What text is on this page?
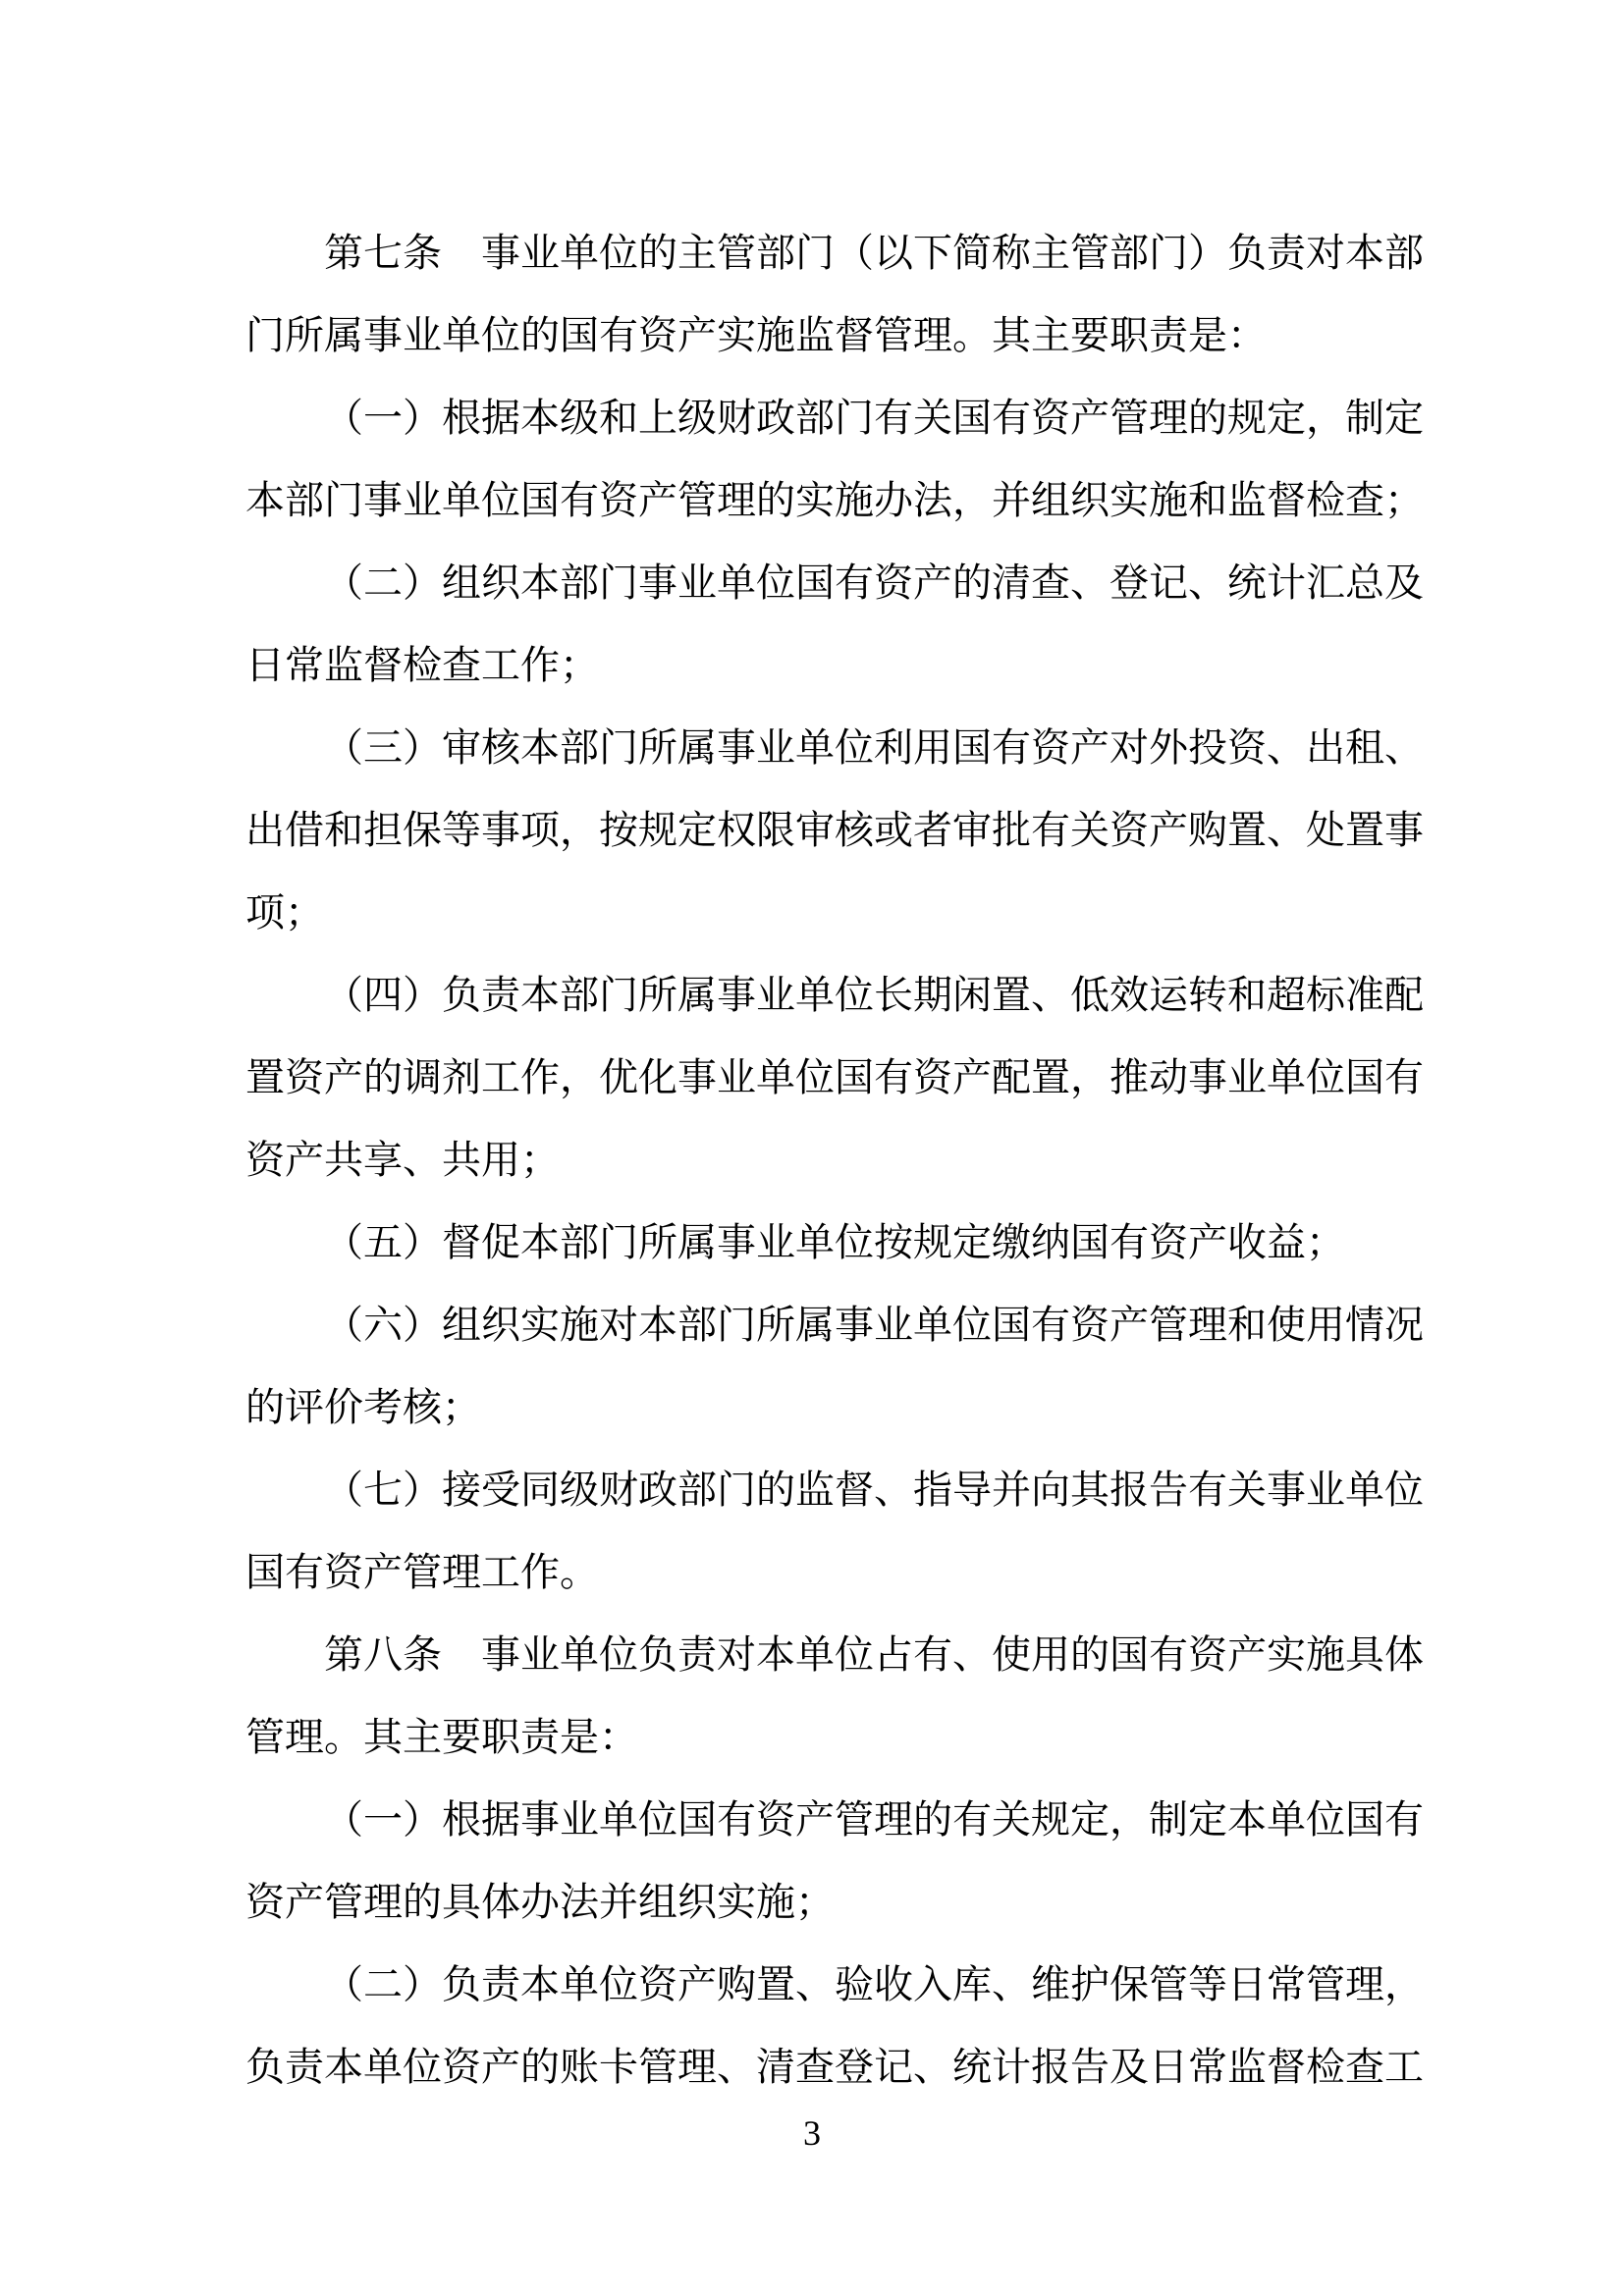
第七条　事业单位的主管部门（以下简称主管部门）负责对本部
门所属事业单位的国有资产实施监督管理。其主要职责是：
（一）根据本级和上级财政部门有关国有资产管理的规定，制定
本部门事业单位国有资产管理的实施办法，并组织实施和监督检查；
（二）组织本部门事业单位国有资产的清查、登记、统计汇总及
日常监督检查工作；
（三）审核本部门所属事业单位利用国有资产对外投资、出租、
出借和担保等事项，按规定权限审核或者审批有关资产购置、处置事
项；
（四）负责本部门所属事业单位长期闲置、低效运转和超标准配
置资产的调剂工作，优化事业单位国有资产配置，推动事业单位国有
资产共享、共用；
（五）督促本部门所属事业单位按规定缴纳国有资产收益；
（六）组织实施对本部门所属事业单位国有资产管理和使用情况
的评价考核；
（七）接受同级财政部门的监督、指导并向其报告有关事业单位
国有资产管理工作。
第八条　事业单位负责对本单位占有、使用的国有资产实施具体
管理。其主要职责是：
（一）根据事业单位国有资产管理的有关规定，制定本单位国有
资产管理的具体办法并组织实施；
（二）负责本单位资产购置、验收入库、维护保管等日常管理，
负责本单位资产的账卡管理、清查登记、统计报告及日常监督检查工
3
